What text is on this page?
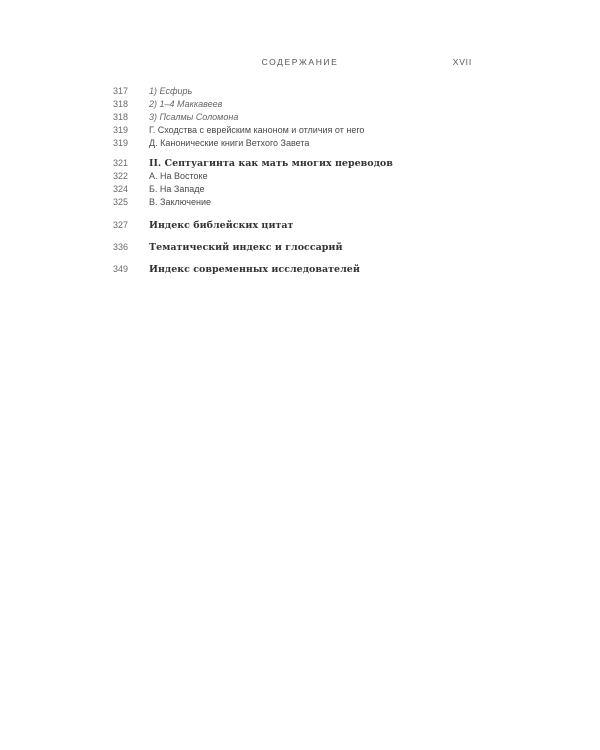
СОДЕРЖАНИЕ	XVII
317	1) Есфирь
318	2) 1–4 Маккавеев
318	3) Псалмы Соломона
319	Г. Сходства с еврейским каноном и отличия от него
319	Д. Канонические книги Ветхого Завета
321	II. Септуагинта как мать многих переводов
322	А. На Востоке
324	Б. На Западе
325	В. Заключение
327	Индекс библейских цитат
336	Тематический индекс и глоссарий
349	Индекс современных исследователей
